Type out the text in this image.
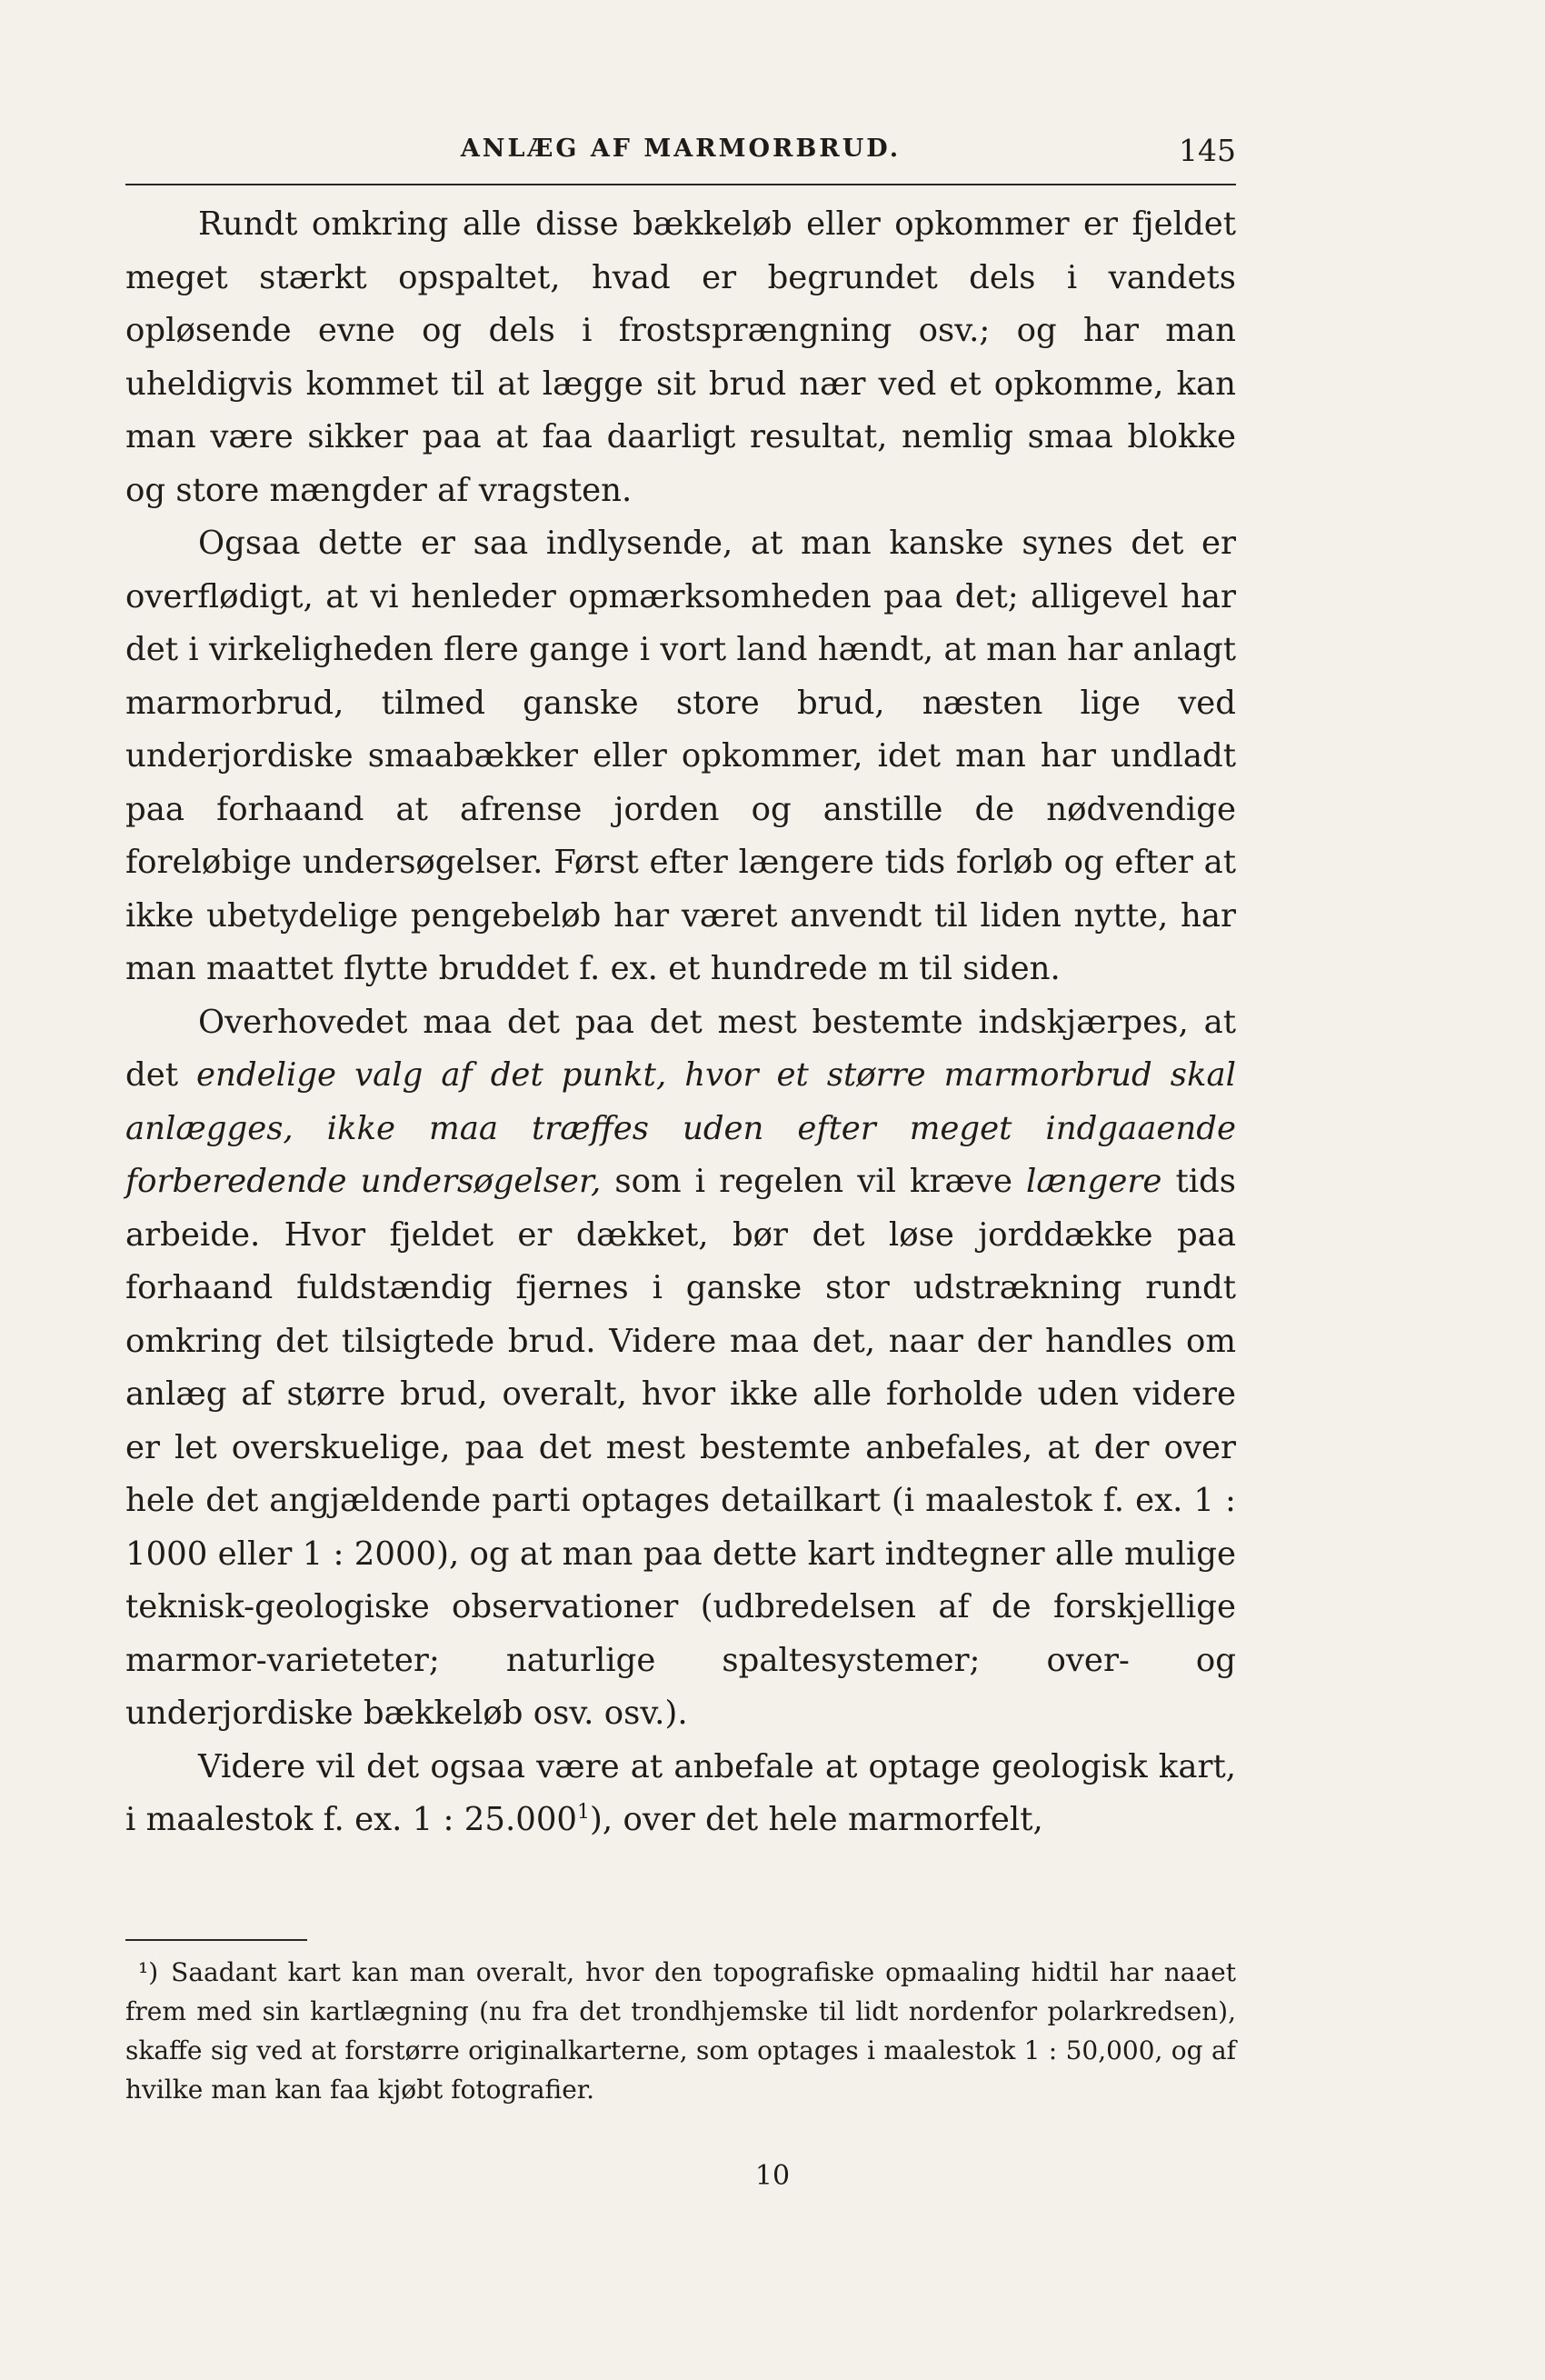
ANLÆG AF MARMORBRUD.	145

Rundt omkring alle disse bækkeløb eller opkommer er fjeldet meget stærkt opspaltet, hvad er begrundet dels i vandets opløsende evne og dels i frostsprængning osv.; og har man uheldigvis kommet til at lægge sit brud nær ved et opkomme, kan man være sikker paa at faa daarligt resultat, nemlig smaa blokke og store mængder af vragsten.

Ogsaa dette er saa indlysende, at man kanske synes det er overflødigt, at vi henleder opmærksomheden paa det; alligevel har det i virkeligheden flere gange i vort land hændt, at man har anlagt marmorbrud, tilmed ganske store brud, næsten lige ved underjordiske smaabækker eller opkommer, idet man har undladt paa forhaand at afrense jorden og anstille de nødvendige foreløbige undersøgelser. Først efter længere tids forløb og efter at ikke ubetydelige pengebeløb har været anvendt til liden nytte, har man maattet flytte bruddet f. ex. et hundrede m til siden.

Overhovedet maa det paa det mest bestemte indskjærpes, at det endelige valg af det punkt, hvor et større marmorbrud skal anlægges, ikke maa træffes uden efter meget indgaaende forberedende undersøgelser, som i regelen vil kræve længere tids arbeide. Hvor fjeldet er dækket, bør det løse jorddække paa forhaand fuldstændig fjernes i ganske stor udstrækning rundt omkring det tilsigtede brud. Videre maa det, naar der handles om anlæg af større brud, overalt, hvor ikke alle forholde uden videre er let overskuelige, paa det mest bestemte anbefales, at der over hele det angjældende parti optages detailkart (i maalestok f. ex. 1 : 1000 eller 1 : 2000), og at man paa dette kart indtegner alle mulige teknisk-geologiske observationer (udbredelsen af de forskjellige marmor-varieteter; naturlige spaltesystemer; over- og underjordiske bækkeløb osv. osv.).

Videre vil det ogsaa være at anbefale at optage geologisk kart, i maalestok f. ex. 1 : 25.000$^1$), over det hele marmorfelt,

¹) Saadant kart kan man overalt, hvor den topografiske opmaaling hidtil har naaet frem med sin kartlægning (nu fra det trondhjemske til lidt nordenfor polarkredsen), skaffe sig ved at forstørre originalkarterne, som optages i maalestok 1 : 50,000, og af hvilke man kan faa kjøbt fotografier.
10
